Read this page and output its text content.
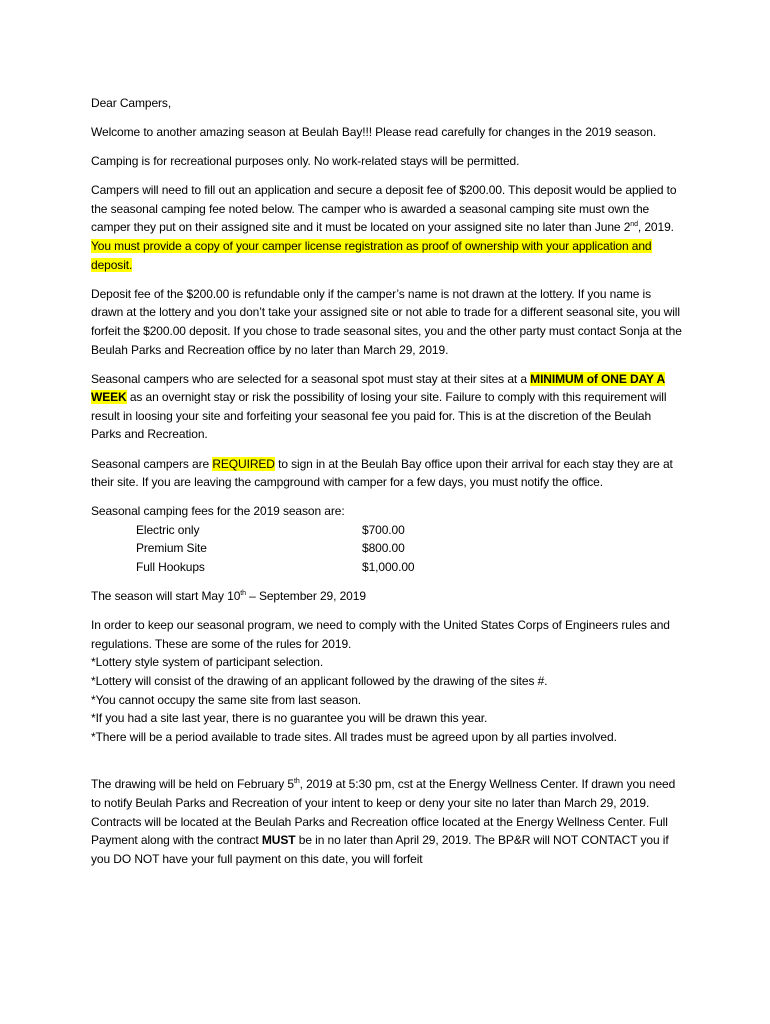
Dear Campers,

Welcome to another amazing season at Beulah Bay!!! Please read carefully for changes in the 2019 season.

Camping is for recreational purposes only. No work-related stays will be permitted.

Campers will need to fill out an application and secure a deposit fee of $200.00. This deposit would be applied to the seasonal camping fee noted below. The camper who is awarded a seasonal camping site must own the camper they put on their assigned site and it must be located on your assigned site no later than June 2nd, 2019. You must provide a copy of your camper license registration as proof of ownership with your application and deposit.

Deposit fee of the $200.00 is refundable only if the camper’s name is not drawn at the lottery. If you name is drawn at the lottery and you don’t take your assigned site or not able to trade for a different seasonal site, you will forfeit the $200.00 deposit. If you chose to trade seasonal sites, you and the other party must contact Sonja at the Beulah Parks and Recreation office by no later than March 29, 2019.

Seasonal campers who are selected for a seasonal spot must stay at their sites at a MINIMUM of ONE DAY A WEEK as an overnight stay or risk the possibility of losing your site. Failure to comply with this requirement will result in loosing your site and forfeiting your seasonal fee you paid for. This is at the discretion of the Beulah Parks and Recreation.

Seasonal campers are REQUIRED to sign in at the Beulah Bay office upon their arrival for each stay they are at their site. If you are leaving the campground with camper for a few days, you must notify the office.

Seasonal camping fees for the 2019 season are:

Electric only	$700.00
Premium Site	$800.00
Full Hookups	$1,000.00

The season will start May 10th – September 29, 2019

In order to keep our seasonal program, we need to comply with the United States Corps of Engineers rules and regulations. These are some of the rules for 2019.

*Lottery style system of participant selection.

*Lottery will consist of the drawing of an applicant followed by the drawing of the sites #.

*You cannot occupy the same site from last season.

*If you had a site last year, there is no guarantee you will be drawn this year.

*There will be a period available to trade sites. All trades must be agreed upon by all parties involved.

The drawing will be held on February 5th, 2019 at 5:30 pm, cst at the Energy Wellness Center. If drawn you need to notify Beulah Parks and Recreation of your intent to keep or deny your site no later than March 29, 2019. Contracts will be located at the Beulah Parks and Recreation office located at the Energy Wellness Center. Full Payment along with the contract MUST be in no later than April 29, 2019. The BP&R will NOT CONTACT you if you DO NOT have your full payment on this date, you will forfeit
